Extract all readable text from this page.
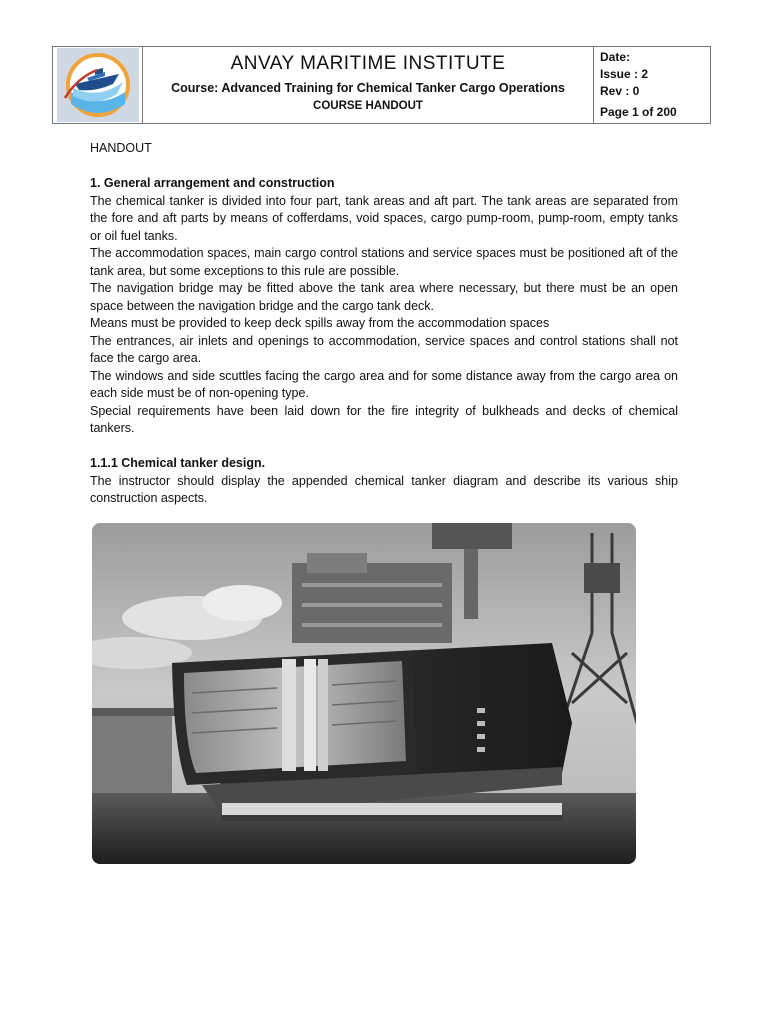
ANVAY MARITIME INSTITUTE
Course: Advanced Training for Chemical Tanker Cargo Operations
COURSE HANDOUT
Date:
Issue : 2
Rev : 0
Page 1 of 200

HANDOUT

1. General arrangement and construction

The chemical tanker is divided into four part, tank areas and aft part. The tank areas are separated from the fore and aft parts by means of cofferdams, void spaces, cargo pump-room, pump-room, empty tanks or oil fuel tanks.

The accommodation spaces, main cargo control stations and service spaces must be positioned aft of the tank area, but some exceptions to this rule are possible.

The navigation bridge may be fitted above the tank area where necessary, but there must be an open space between the navigation bridge and the cargo tank deck.

Means must be provided to keep deck spills away from the accommodation spaces

The entrances, air inlets and openings to accommodation, service spaces and control stations shall not face the cargo area.

The windows and side scuttles facing the cargo area and for some distance away from the cargo area on each side must be of non-opening type.

Special requirements have been laid down for the fire integrity of bulkheads and decks of chemical tankers.

1.1.1 Chemical tanker design.

The instructor should display the appended chemical tanker diagram and describe its various ship construction aspects.
